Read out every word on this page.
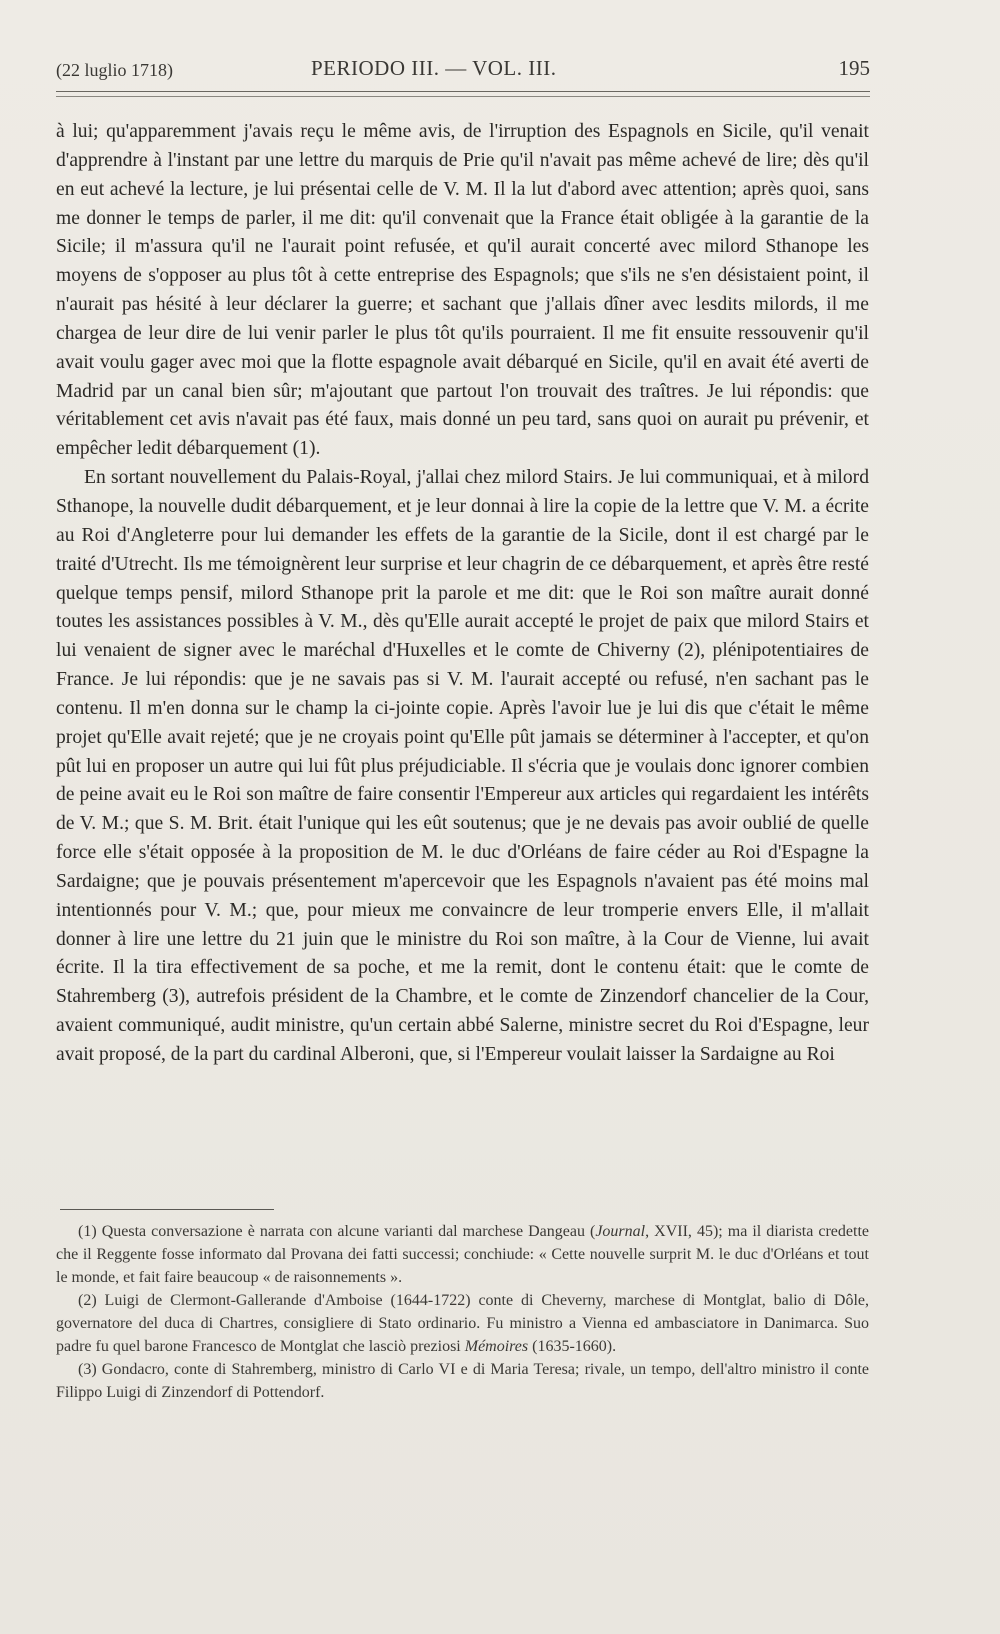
(22 luglio 1718)	PERIODO III. — VOL. III.	195

à lui; qu'apparemment j'avais reçu le même avis, de l'irruption des Espagnols en Sicile, qu'il venait d'apprendre à l'instant par une lettre du marquis de Prie qu'il n'avait pas même achevé de lire; dès qu'il en eut achevé la lecture, je lui présentai celle de V. M. Il la lut d'abord avec attention; après quoi, sans me donner le temps de parler, il me dit: qu'il convenait que la France était obligée à la garantie de la Sicile; il m'assura qu'il ne l'aurait point refusée, et qu'il aurait concerté avec milord Sthanope les moyens de s'opposer au plus tôt à cette entreprise des Espagnols; que s'ils ne s'en désistaient point, il n'aurait pas hésité à leur déclarer la guerre; et sachant que j'allais dîner avec lesdits milords, il me chargea de leur dire de lui venir parler le plus tôt qu'ils pourraient. Il me fit ensuite ressouvenir qu'il avait voulu gager avec moi que la flotte espagnole avait débarqué en Sicile, qu'il en avait été averti de Madrid par un canal bien sûr; m'ajoutant que partout l'on trouvait des traîtres. Je lui répondis: que véritablement cet avis n'avait pas été faux, mais donné un peu tard, sans quoi on aurait pu prévenir, et empêcher ledit débarquement (1).

En sortant nouvellement du Palais-Royal, j'allai chez milord Stairs. Je lui communiquai, et à milord Sthanope, la nouvelle dudit débarquement, et je leur donnai à lire la copie de la lettre que V. M. a écrite au Roi d'Angleterre pour lui demander les effets de la garantie de la Sicile, dont il est chargé par le traité d'Utrecht. Ils me témoignèrent leur surprise et leur chagrin de ce débarquement, et après être resté quelque temps pensif, milord Sthanope prit la parole et me dit: que le Roi son maître aurait donné toutes les assistances possibles à V. M., dès qu'Elle aurait accepté le projet de paix que milord Stairs et lui venaient de signer avec le maréchal d'Huxelles et le comte de Chiverny (2), plénipotentiaires de France. Je lui répondis: que je ne savais pas si V. M. l'aurait accepté ou refusé, n'en sachant pas le contenu. Il m'en donna sur le champ la ci-jointe copie. Après l'avoir lue je lui dis que c'était le même projet qu'Elle avait rejeté; que je ne croyais point qu'Elle pût jamais se déterminer à l'accepter, et qu'on pût lui en proposer un autre qui lui fût plus préjudiciable. Il s'écria que je voulais donc ignorer combien de peine avait eu le Roi son maître de faire consentir l'Empereur aux articles qui regardaient les intérêts de V. M.; que S. M. Brit. était l'unique qui les eût soutenus; que je ne devais pas avoir oublié de quelle force elle s'était opposée à la proposition de M. le duc d'Orléans de faire céder au Roi d'Espagne la Sardaigne; que je pouvais présentement m'apercevoir que les Espagnols n'avaient pas été moins mal intentionnés pour V. M.; que, pour mieux me convaincre de leur tromperie envers Elle, il m'allait donner à lire une lettre du 21 juin que le ministre du Roi son maître, à la Cour de Vienne, lui avait écrite. Il la tira effectivement de sa poche, et me la remit, dont le contenu était: que le comte de Stahremberg (3), autrefois président de la Chambre, et le comte de Zinzendorf chancelier de la Cour, avaient communiqué, audit ministre, qu'un certain abbé Salerne, ministre secret du Roi d'Espagne, leur avait proposé, de la part du cardinal Alberoni, que, si l'Empereur voulait laisser la Sardaigne au Roi

(1) Questa conversazione è narrata con alcune varianti dal marchese Dangeau (Journal, XVII, 45); ma il diarista credette che il Reggente fosse informato dal Provana dei fatti successi; conchiude: « Cette nouvelle surprit M. le duc d'Orléans et tout le monde, et fait faire beaucoup « de raisonnements ».

(2) Luigi de Clermont-Gallerande d'Amboise (1644-1722) conte di Cheverny, marchese di Montglat, balio di Dôle, governatore del duca di Chartres, consigliere di Stato ordinario. Fu ministro a Vienna ed ambasciatore in Danimarca. Suo padre fu quel barone Francesco de Montglat che lasciò preziosi Mémoires (1635-1660).

(3) Gondacro, conte di Stahremberg, ministro di Carlo VI e di Maria Teresa; rivale, un tempo, dell'altro ministro il conte Filippo Luigi di Zinzendorf di Pottendorf.
